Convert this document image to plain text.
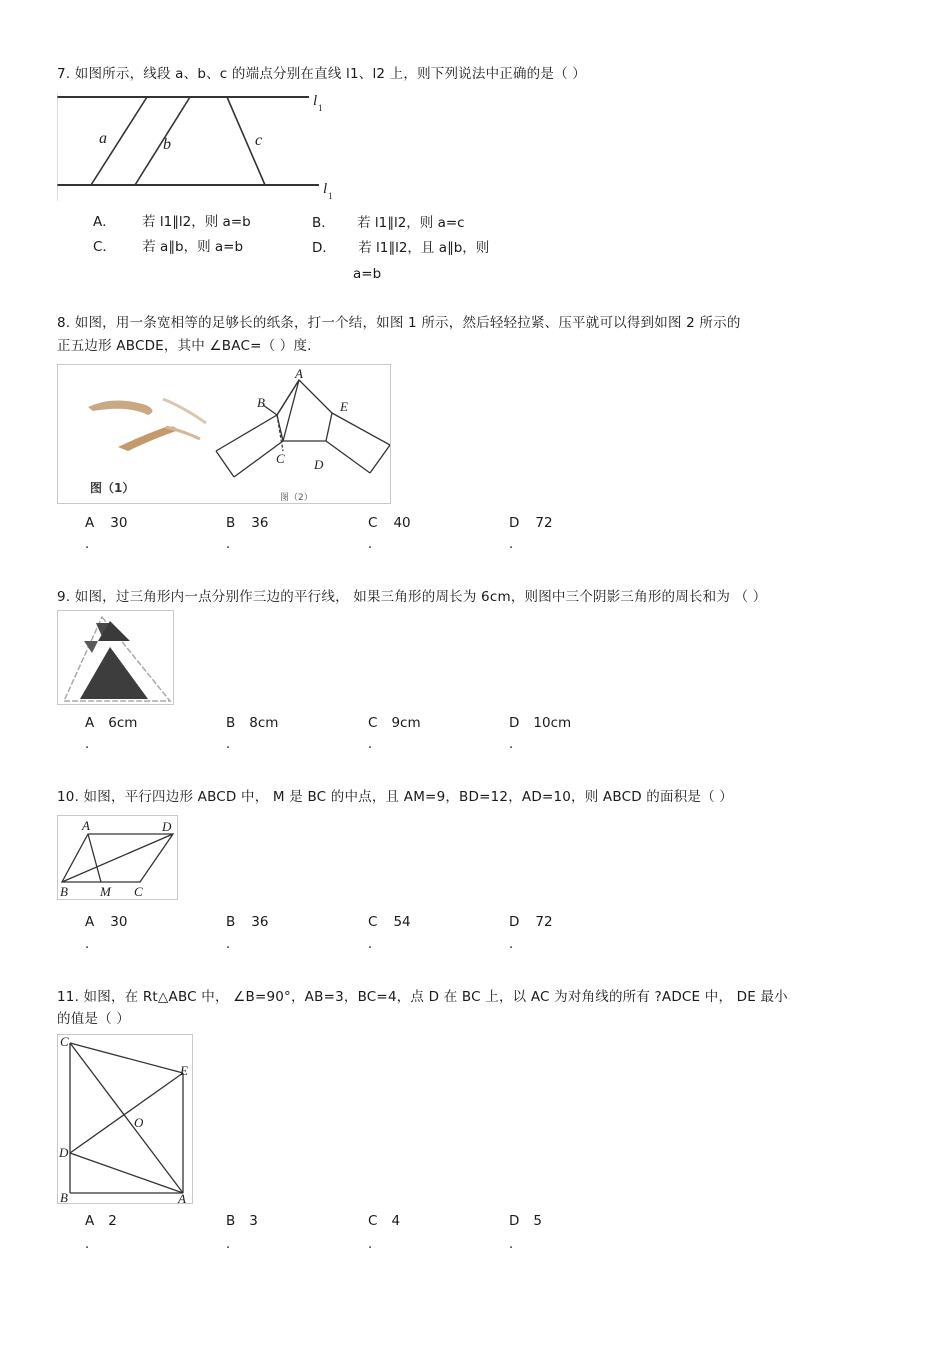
7. 如图所示，线段 a、b、c 的端点分别在直线 l1、l2 上，则下列说法中正确的是（ ）
a	b	c
l 1
l 1
A． 若 l1∥l2，则 a=b	B． 若 l1∥l2，则 a=c
C． 若 a∥b，则 a=b	D． 若 l1∥l2，且 a∥b，则
a=b
8. 如图，用一条宽相等的足够长的纸条，打一个结，如图 1 所示，然后轻轻拉紧、压平就可以得到如图 2 所示的
正五边形 ABCDE，其中 ∠BAC=（ ）度.
图（1）
A
B	E
C D
图（2）
A 30	B 36	C 40	D 72
.	.	.	.
9. 如图，过三角形内一点分别作三边的平行线， 如果三角形的周长为 6cm，则图中三个阴影三角形的周长和为 （ ）
A 6cm	B 8cm	C 9cm	D 10cm
.	.	.	.
10. 如图，平行四边形 ABCD 中， M 是 BC 的中点，且 AM=9，BD=12，AD=10，则 ABCD 的面积是（ ）
A	D
B M C
A 30	B 36	C 54	D 72
.	.	.	.
11. 如图，在 Rt△ABC 中， ∠B=90°，AB=3，BC=4，点 D 在 BC 上，以 AC 为对角线的所有 ?ADCE 中， DE 最小
的值是（ ）
C
E
O
D
B	A
A 2	B 3	C 4	D 5
.	.	.	.
